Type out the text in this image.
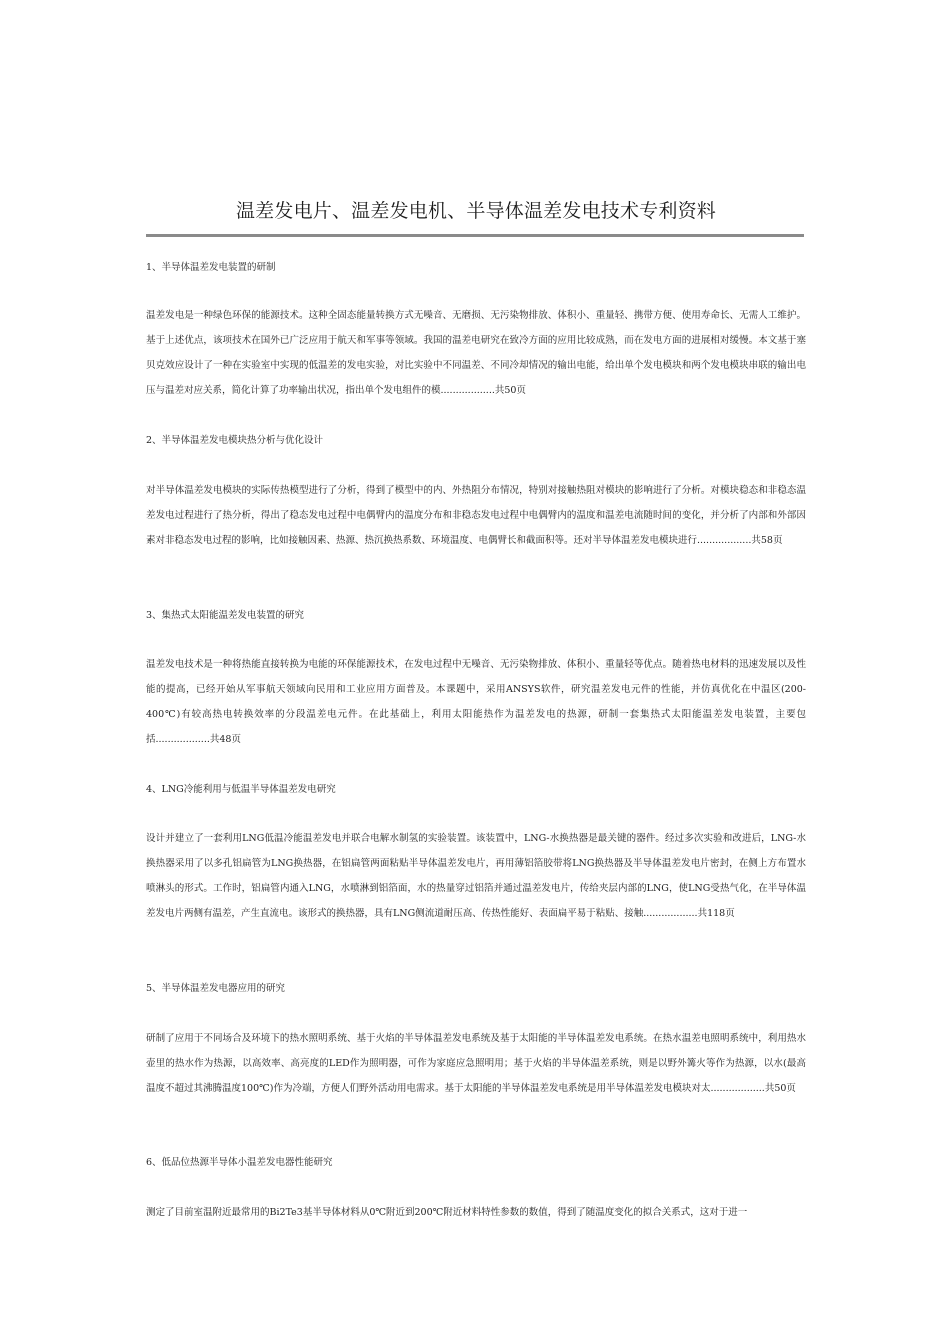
温差发电片、温差发电机、半导体温差发电技术专利资料
1、半导体温差发电装置的研制

温差发电是一种绿色环保的能源技术。这种全固态能量转换方式无噪音、无磨损、无污染物排放、体积小、重量轻、携带方便、使用寿命长、无需人工维护。基于上述优点，该项技术在国外已广泛应用于航天和军事等领域。我国的温差电研究在致冷方面的应用比较成熟，而在发电方面的进展相对缓慢。本文基于塞贝克效应设计了一种在实验室中实现的低温差的发电实验，对比实验中不同温差、不同冷却情况的输出电能，给出单个发电模块和两个发电模块串联的输出电压与温差对应关系，简化计算了功率输出状况，指出单个发电组件的模..................共50页

2、半导体温差发电模块热分析与优化设计

对半导体温差发电模块的实际传热模型进行了分析，得到了模型中的内、外热阻分布情况，特别对接触热阻对模块的影响进行了分析。对模块稳态和非稳态温差发电过程进行了热分析，得出了稳态发电过程中电偶臂内的温度分布和非稳态发电过程中电偶臂内的温度和温差电流随时间的变化，并分析了内部和外部因素对非稳态发电过程的影响，比如接触因素、热源、热沉换热系数、环境温度、电偶臂长和截面积等。还对半导体温差发电模块进行..................共58页

3、集热式太阳能温差发电装置的研究

温差发电技术是一种将热能直接转换为电能的环保能源技术，在发电过程中无噪音、无污染物排放、体积小、重量轻等优点。随着热电材料的迅速发展以及性能的提高，已经开始从军事航天领域向民用和工业应用方面普及。本课题中，采用ANSYS软件，研究温差发电元件的性能，并仿真优化在中温区(200-400℃)有较高热电转换效率的分段温差电元件。在此基础上，利用太阳能热作为温差发电的热源，研制一套集热式太阳能温差发电装置，主要包括..................共48页

4、LNG冷能利用与低温半导体温差发电研究

设计并建立了一套利用LNG低温冷能温差发电并联合电解水制氢的实验装置。该装置中，LNG-水换热器是最关键的器件。经过多次实验和改进后，LNG-水换热器采用了以多孔铝扁管为LNG换热器，在铝扁管两面粘贴半导体温差发电片，再用薄铝箔胶带将LNG换热器及半导体温差发电片密封，在侧上方布置水喷淋头的形式。工作时，铝扁管内通入LNG，水喷淋到铝箔面，水的热量穿过铝箔并通过温差发电片，传给夹层内部的LNG，使LNG受热气化，在半导体温差发电片两侧有温差，产生直流电。该形式的换热器，具有LNG侧流道耐压高、传热性能好、表面扁平易于粘贴、接触..................共118页

5、半导体温差发电器应用的研究

研制了应用于不同场合及环境下的热水照明系统、基于火焰的半导体温差发电系统及基于太阳能的半导体温差发电系统。在热水温差电照明系统中，利用热水壶里的热水作为热源，以高效率、高亮度的LED作为照明器，可作为家庭应急照明用；基于火焰的半导体温差系统，则是以野外篝火等作为热源，以水(最高温度不超过其沸腾温度100℃)作为冷端，方便人们野外活动用电需求。基于太阳能的半导体温差发电系统是用半导体温差发电模块对太..................共50页

6、低品位热源半导体小温差发电器性能研究

测定了目前室温附近最常用的Bi2Te3基半导体材料从0℃附近到200℃附近材料特性参数的数值，得到了随温度变化的拟合关系式，这对于进一
